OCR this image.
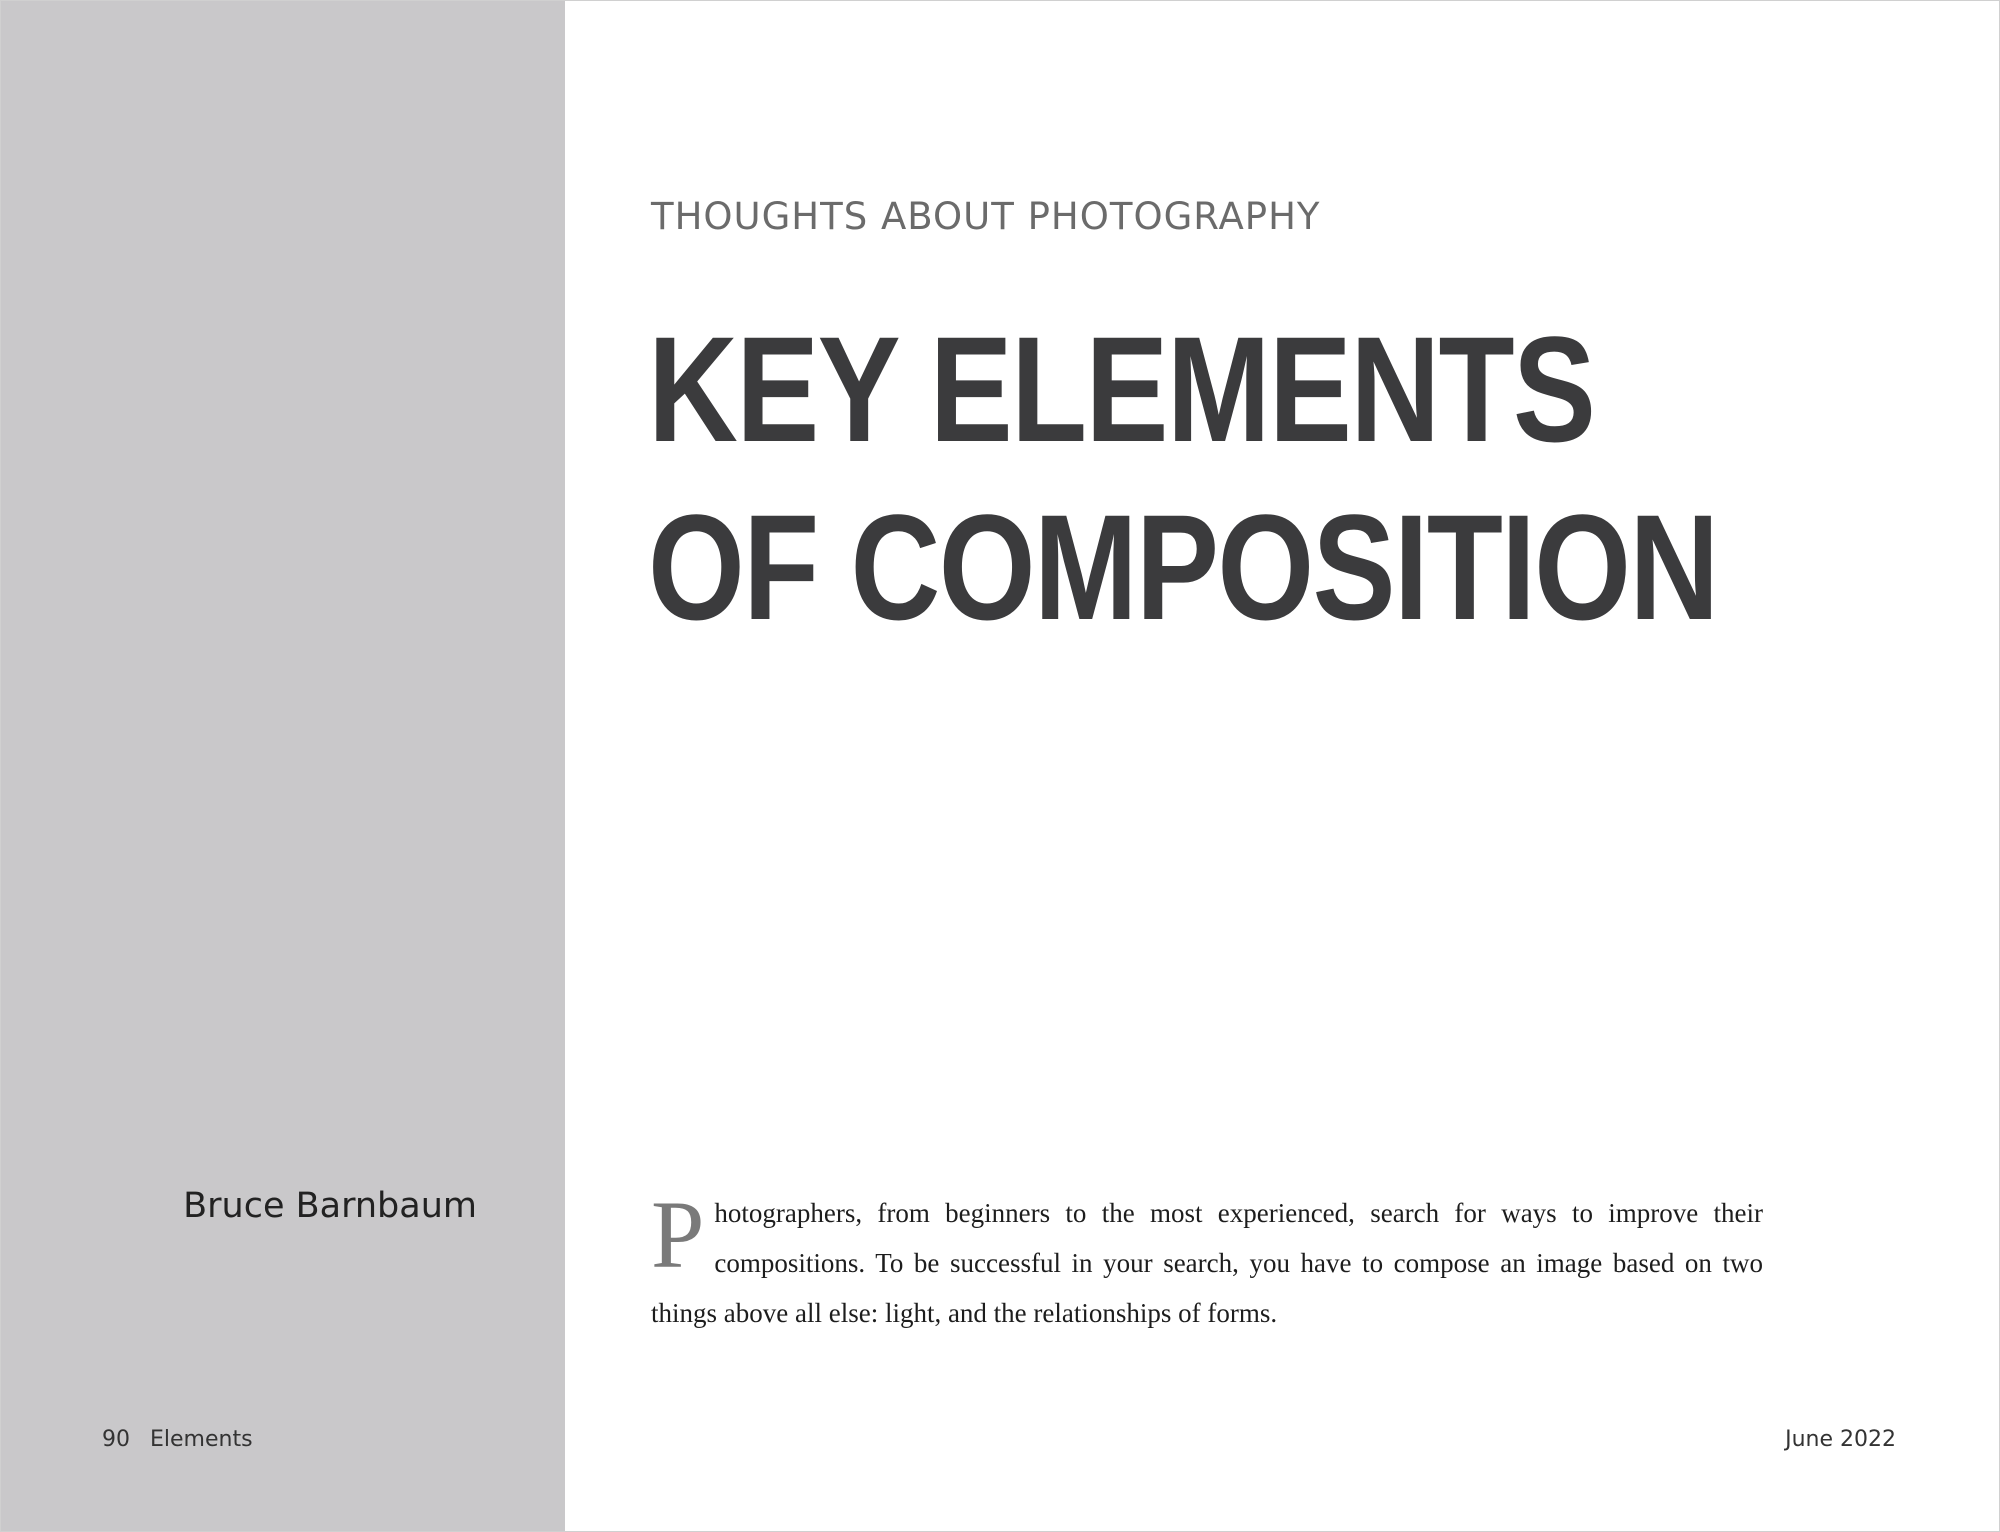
Bruce Barnbaum
90 Elements
THOUGHTS ABOUT PHOTOGRAPHY
KEY ELEMENTS
OF COMPOSITION

Photographers, from beginners to the most experienced, search for ways to improve their compositions. To be successful in your search, you have to compose an image based on two things above all else: light, and the relationships of forms.

June 2022
